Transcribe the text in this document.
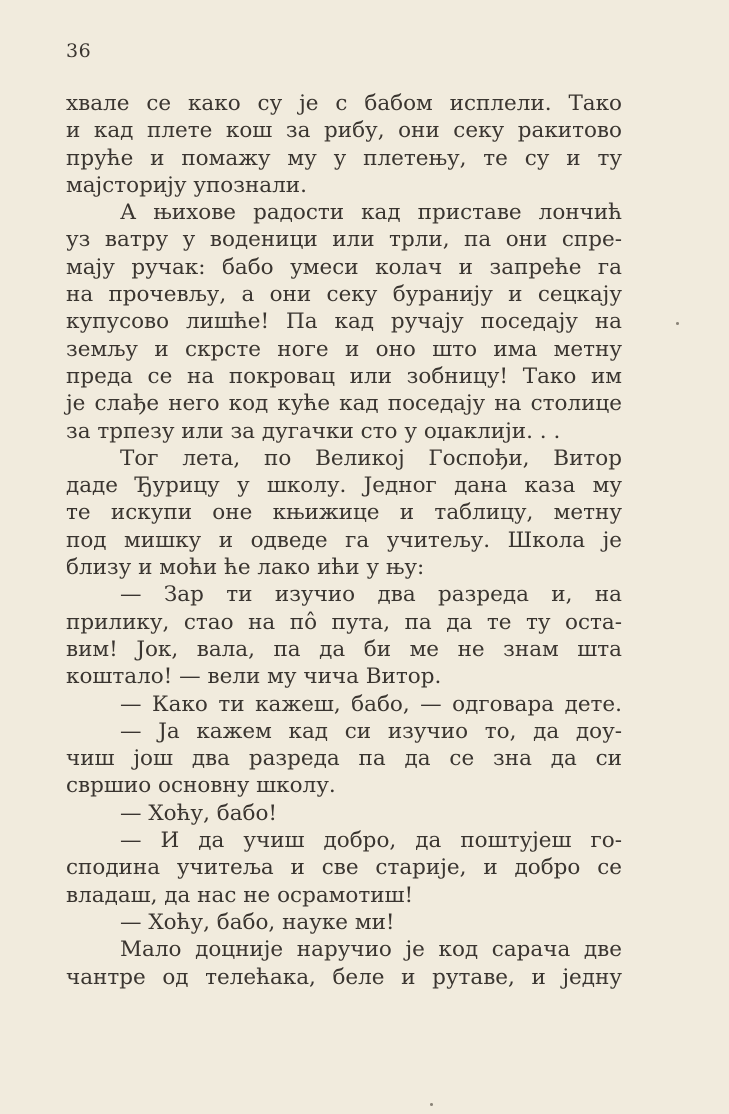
36
хвале се како су је с бабом исплели. Тако
и кад плете кош за рибу, они секу ракитово
пруће и помажу му у плетењу, те су и ту
мајсторију упознали.
А њихове радости кад приставе лончић
уз ватру у воденици или трли, па они спре-
мају ручак: бабо умеси колач и запреће га
на прочевљу, а они секу буранију и сецкају
купусово лишће! Па кад ручају поседају на
земљу и скрсте ноге и оно што има метну
преда се на покровац или зобницу! Тако им
је слађе него код куће кад поседају на столице
за трпезу или за дугачки сто у оџаклији. . .
Тог лета, по Великој Госпођи, Витор
даде Ђурицу у школу. Једног дана каза му
те искупи оне књижице и таблицу, метну
под мишку и одведе га учитељу. Школа је
близу и моћи ће лако ићи у њу:
— Зар ти изучио два разреда и, на
прилику, стао на по̂ пута, па да те ту оста-
вим! Јок, вала, па да би ме не знам шта
коштало! — вели му чича Витор.
— Како ти кажеш, бабо, — одговара дете.
— Ја кажем кад си изучио то, да доу-
чиш још два разреда па да се зна да си
свршио основну школу.
— Хоћу, бабо!
— И да учиш добро, да поштујеш го-
сподина учитеља и све старије, и добро се
владаш, да нас не осрамотиш!
— Хоћу, бабо, науке ми!
Мало доцније наручио је код сарача две
чантре од телећака, беле и рутаве, и једну
